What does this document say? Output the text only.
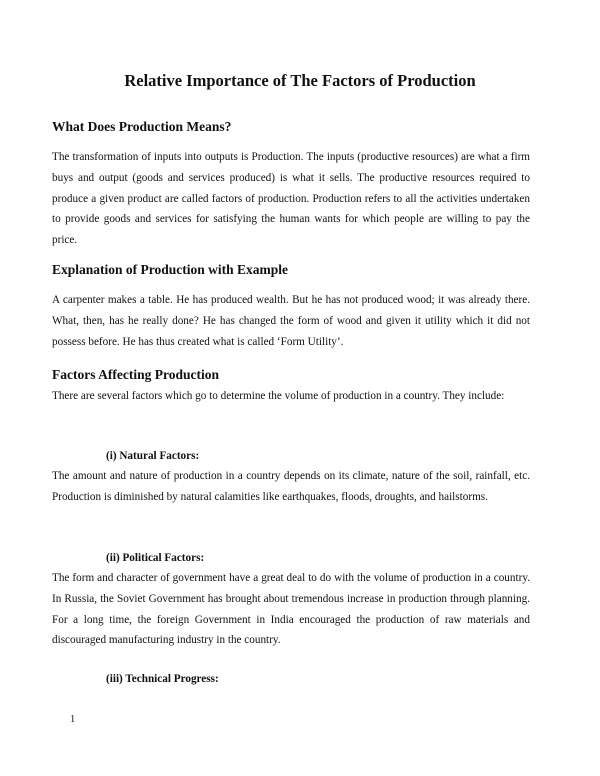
Relative Importance of The Factors of Production
What Does Production Means?

The transformation of inputs into outputs is Production. The inputs (productive resources) are what a firm buys and output (goods and services produced) is what it sells. The productive resources required to produce a given product are called factors of production. Production refers to all the activities undertaken to provide goods and services for satisfying the human wants for which people are willing to pay the price.

Explanation of Production with Example

A carpenter makes a table. He has produced wealth. But he has not produced wood; it was already there. What, then, has he really done? He has changed the form of wood and given it utility which it did not possess before. He has thus created what is called ‘Form Utility’.

Factors Affecting Production

There are several factors which go to determine the volume of production in a country. They include:

(i) Natural Factors:

The amount and nature of production in a country depends on its climate, nature of the soil, rainfall, etc. Production is diminished by natural calamities like earthquakes, floods, droughts, and hailstorms.

(ii) Political Factors:

The form and character of government have a great deal to do with the volume of production in a country. In Russia, the Soviet Government has brought about tremendous increase in production through planning. For a long time, the foreign Government in India encouraged the production of raw materials and discouraged manufacturing industry in the country.

(iii) Technical Progress:
1
